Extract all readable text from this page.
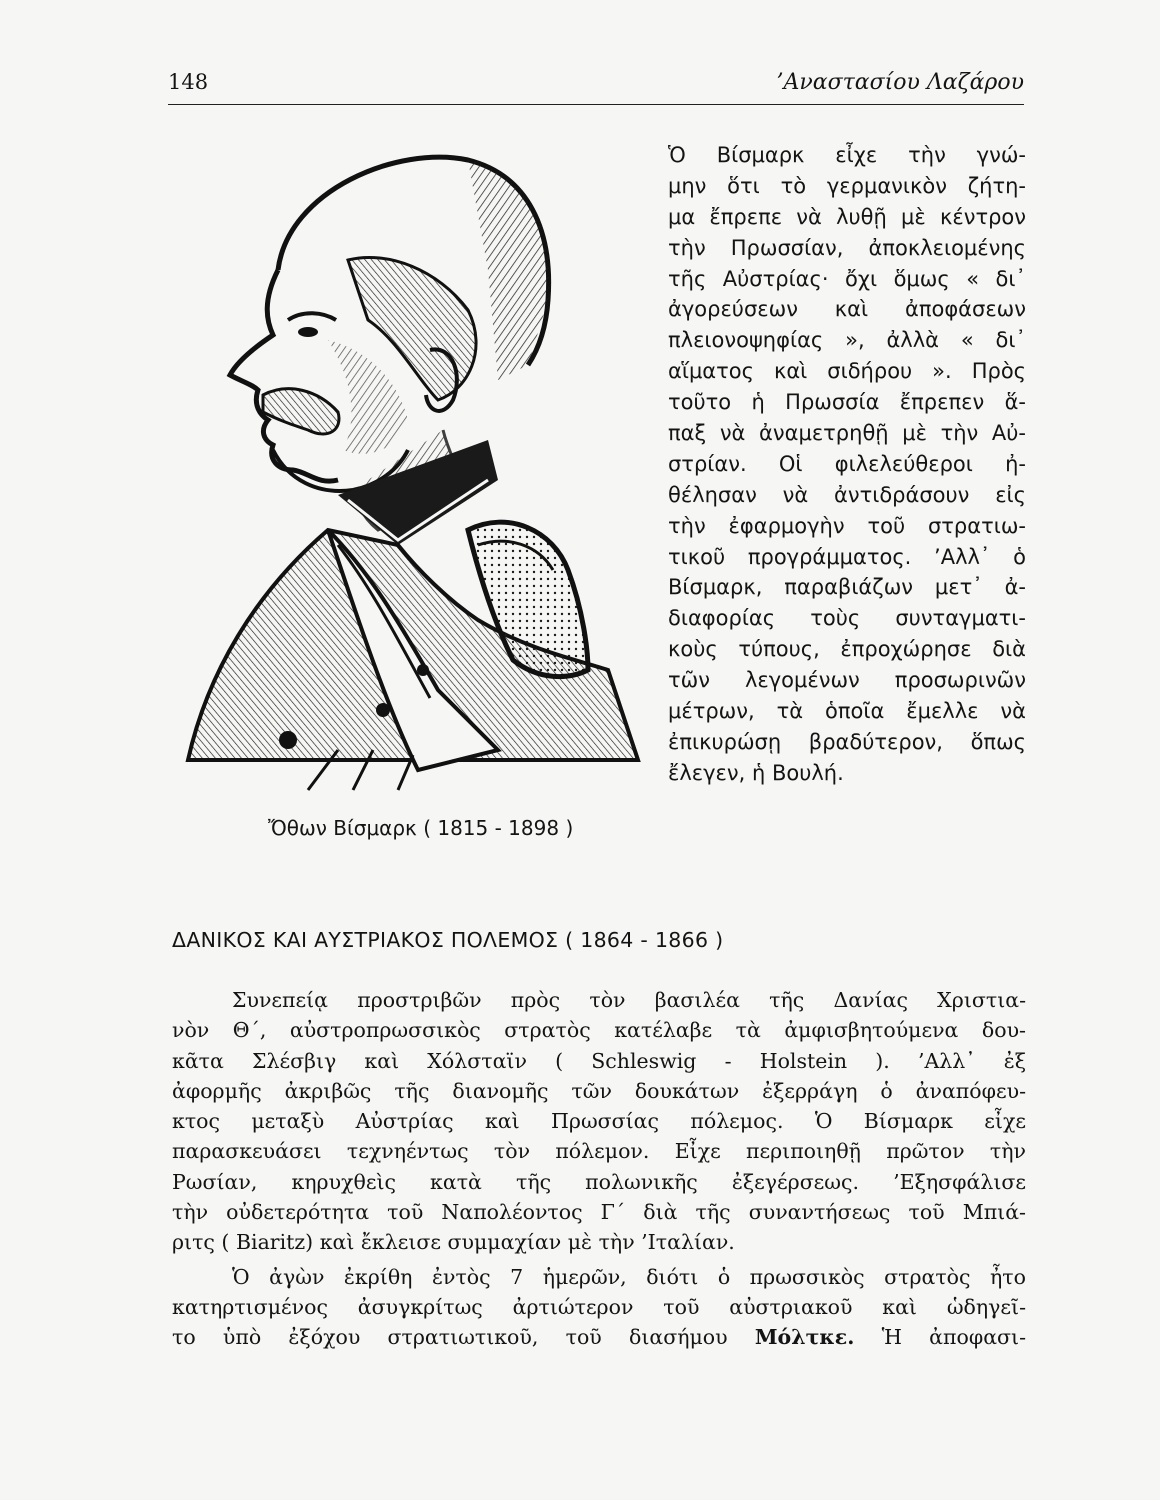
148	’Αναστασίου Λαζάρου
Ὄθων Βίσμαρκ ( 1815 - 1898 )
Ὁ Βίσμαρκ εἶχε τὴν γνώ-
μην ὅτι τὸ γερμανικὸν ζήτη-
μα ἔπρεπε νὰ λυθῇ μὲ κέντρον
τὴν Πρωσσίαν, ἀποκλειομένης
τῆς Αὐστρίας· ὄχι ὅμως « δι᾿
ἀγορεύσεων καὶ ἀποφάσεων
πλειονοψηφίας », ἀλλὰ « δι᾿
αἵματος καὶ σιδήρου ». Πρὸς
τοῦτο ἡ Πρωσσία ἔπρεπεν ἅ-
παξ νὰ ἀναμετρηθῇ μὲ τὴν Αὐ-
στρίαν. Οἱ φιλελεύθεροι ἠ-
θέλησαν νὰ ἀντιδράσουν εἰς
τὴν ἐφαρμογὴν τοῦ στρατιω-
τικοῦ προγράμματος. ’Αλλ᾿ ὁ
Βίσμαρκ, παραβιάζων μετ᾿ ἀ-
διαφορίας τοὺς συνταγματι-
κοὺς τύπους, ἐπροχώρησε διὰ
τῶν λεγομένων προσωρινῶν
μέτρων, τὰ ὁποῖα ἔμελλε νὰ
ἐπικυρώσῃ βραδύτερον, ὅπως
ἔλεγεν, ἡ Βουλή.
ΔΑΝΙΚΟΣ ΚΑΙ ΑΥΣΤΡΙΑΚΟΣ ΠΟΛΕΜΟΣ ( 1864 - 1866 )
Συνεπείᾳ προστριβῶν πρὸς τὸν βασιλέα τῆς Δανίας Χριστια-
νὸν Θ΄, αὐστροπρωσσικὸς στρατὸς κατέλαβε τὰ ἀμφισβητούμενα δου-
κᾶτα Σλέσβιγ καὶ Χόλσταϊν ( Schleswig - Holstein ). ’Αλλ᾿ ἐξ
ἀφορμῆς ἀκριβῶς τῆς διανομῆς τῶν δουκάτων ἐξερράγη ὁ ἀναπόφευ-
κτος μεταξὺ Αὐστρίας καὶ Πρωσσίας πόλεμος. Ὁ Βίσμαρκ εἶχε
παρασκευάσει τεχνηέντως τὸν πόλεμον. Εἶχε περιποιηθῇ πρῶτον τὴν
Ρωσίαν, κηρυχθεὶς κατὰ τῆς πολωνικῆς ἐξεγέρσεως. ’Εξησφάλισε
τὴν οὐδετερότητα τοῦ Ναπολέοντος Γ΄ διὰ τῆς συναντήσεως τοῦ Μπιά-
ριτς ( Biaritz) καὶ ἔκλεισε συμμαχίαν μὲ τὴν ’Ιταλίαν.
Ὁ ἀγὼν ἐκρίθη ἐντὸς 7 ἡμερῶν, διότι ὁ πρωσσικὸς στρατὸς ἦτο
κατηρτισμένος ἀσυγκρίτως ἀρτιώτερον τοῦ αὐστριακοῦ καὶ ὡδηγεῖ-
το ὑπὸ ἐξόχου στρατιωτικοῦ, τοῦ διασήμου Μόλτκε. Ἡ ἀποφασι-
